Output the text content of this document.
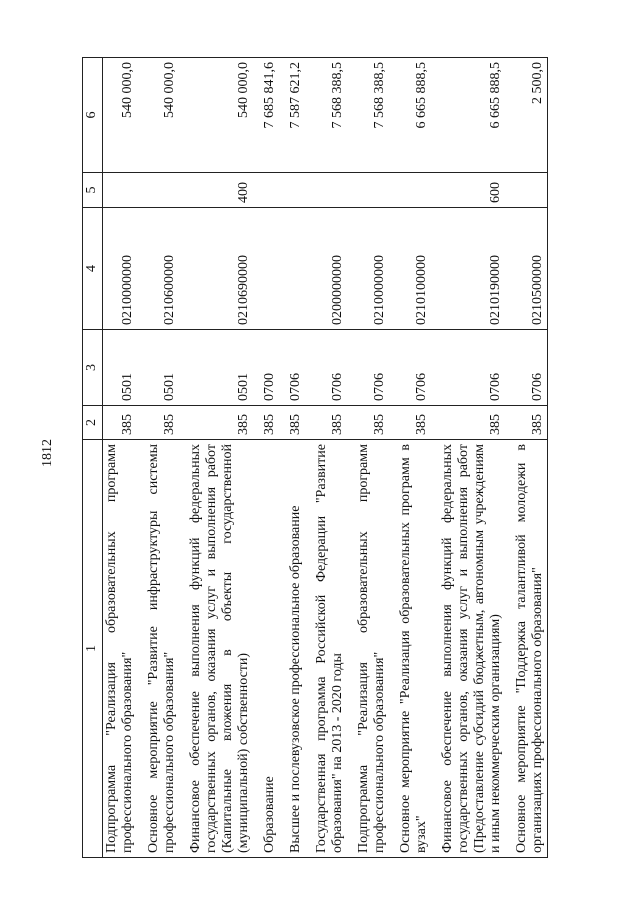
1812
1	2	3	4	5	6
Подпрограмма "Реализация образовательных программ профессионального образования"	385	0501	0210000000		540 000,0

Основное мероприятие "Развитие инфраструктуры системы профессионального образования"	385	0501	0210600000		540 000,0

Финансовое обеспечение выполнения функций федеральных государственных органов, оказания услуг и выполнения работ (Капитальные вложения в объекты государственной (муниципальной) собственности)	385	0501	0210690000	400	540 000,0

Образование	385	0700			7 685 841,6

Высшее и послевузовское профессиональное образование	385	0706			7 587 621,2

Государственная программа Российской Федерации "Развитие образования" на 2013 - 2020 годы	385	0706	0200000000		7 568 388,5

Подпрограмма "Реализация образовательных программ профессионального образования"	385	0706	0210000000		7 568 388,5

Основное мероприятие "Реализация образовательных программ в вузах"	385	0706	0210100000		6 665 888,5

Финансовое обеспечение выполнения функций федеральных государственных органов, оказания услуг и выполнения работ (Предоставление субсидий бюджетным, автономным учреждениям и иным некоммерческим организациям)	385	0706	0210190000	600	6 665 888,5

Основное мероприятие "Поддержка талантливой молодежи в организациях профессионального образования"	385	0706	0210500000		2 500,0
